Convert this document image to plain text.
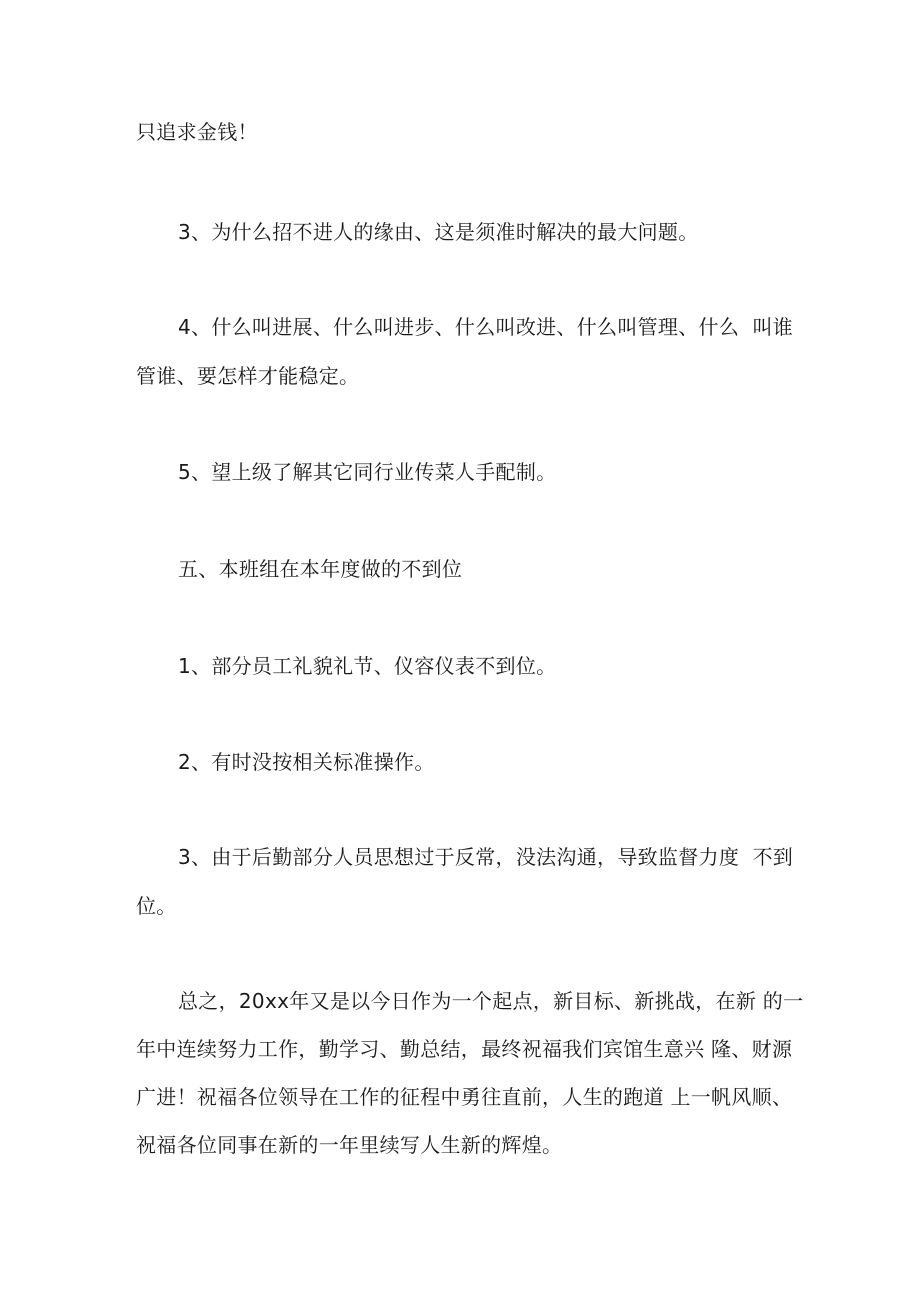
只追求金钱！
3、为什么招不进人的缘由、这是须准时解决的最大问题。
4、什么叫进展、什么叫进步、什么叫改进、什么叫管理、什么  叫谁
管谁、要怎样才能稳定。
5、望上级了解其它同行业传菜人手配制。
五、本班组在本年度做的不到位
1、部分员工礼貌礼节、仪容仪表不到位。
2、有时没按相关标准操作。
3、由于后勤部分人员思想过于反常，没法沟通，导致监督力度  不到
位。
总之，20xx年又是以今日作为一个起点，新目标、新挑战，在新 的一
年中连续努力工作，勤学习、勤总结，最终祝福我们宾馆生意兴 隆、财源
广进！祝福各位领导在工作的征程中勇往直前，人生的跑道 上一帆风顺、
祝福各位同事在新的一年里续写人生新的辉煌。
